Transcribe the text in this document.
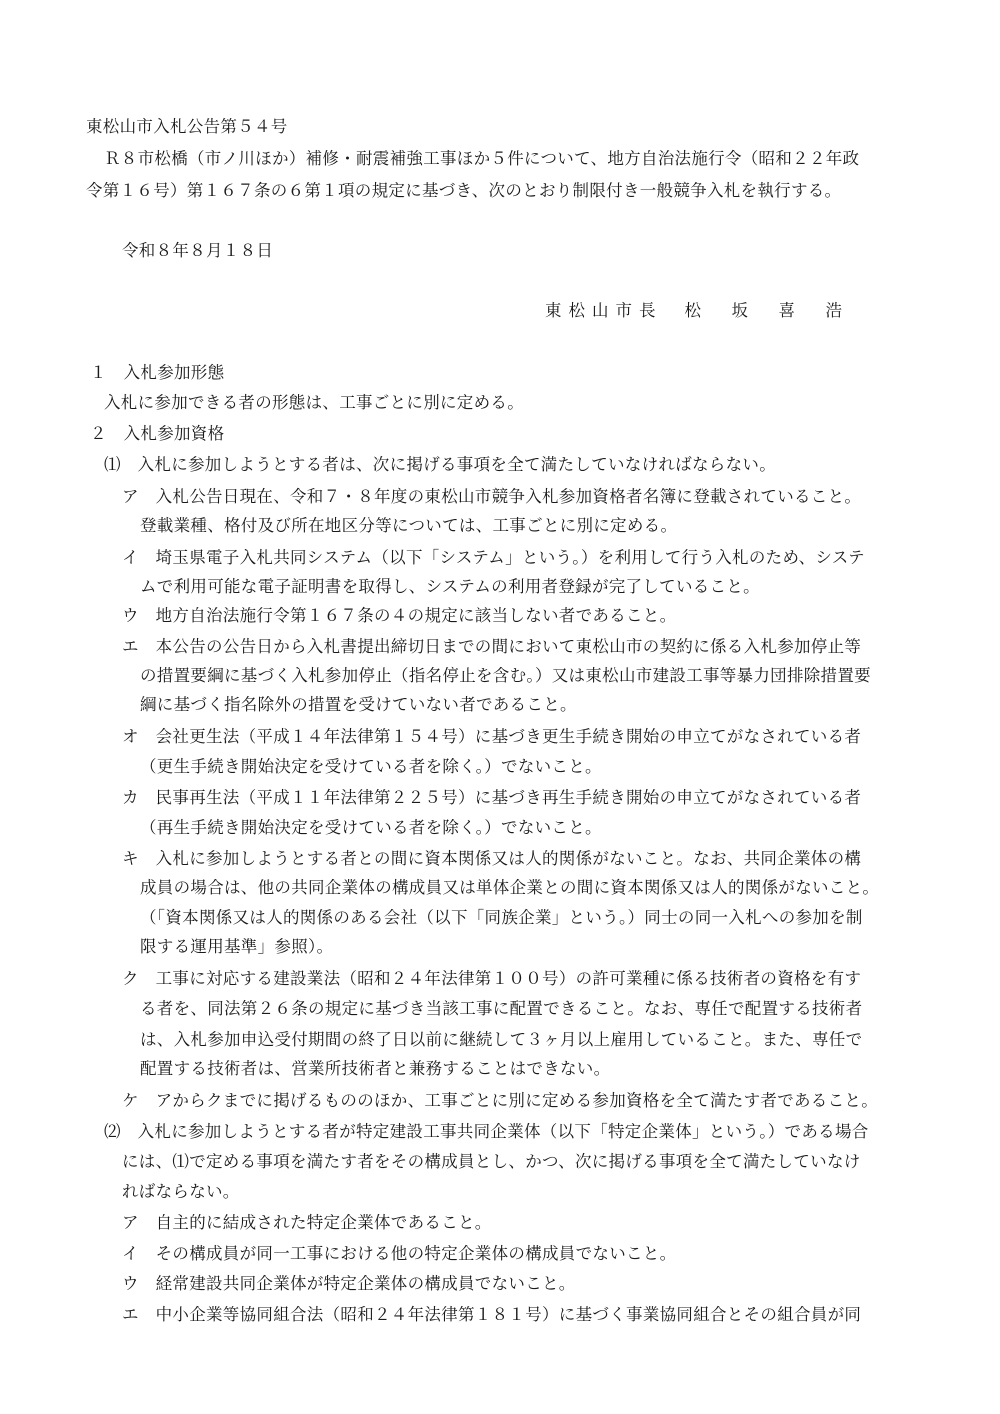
東松山市入札公告第５４号
Ｒ８市松橋（市ノ川ほか）補修・耐震補強工事ほか５件について、地方自治法施行令（昭和２２年政
令第１６号）第１６７条の６第１項の規定に基づき、次のとおり制限付き一般競争入札を執行する。
令和８年８月１８日
東松山市長 松　坂　喜　浩
１　入札参加形態
入札に参加できる者の形態は、工事ごとに別に定める。
２　入札参加資格
⑴　入札に参加しようとする者は、次に掲げる事項を全て満たしていなければならない。
ア　入札公告日現在、令和７・８年度の東松山市競争入札参加資格者名簿に登載されていること。
登載業種、格付及び所在地区分等については、工事ごとに別に定める。
イ　埼玉県電子入札共同システム（以下「システム」という。）を利用して行う入札のため、システ
ムで利用可能な電子証明書を取得し、システムの利用者登録が完了していること。
ウ　地方自治法施行令第１６７条の４の規定に該当しない者であること。
エ　本公告の公告日から入札書提出締切日までの間において東松山市の契約に係る入札参加停止等
の措置要綱に基づく入札参加停止（指名停止を含む。）又は東松山市建設工事等暴力団排除措置要
綱に基づく指名除外の措置を受けていない者であること。
オ　会社更生法（平成１４年法律第１５４号）に基づき更生手続き開始の申立てがなされている者
（更生手続き開始決定を受けている者を除く。）でないこと。
カ　民事再生法（平成１１年法律第２２５号）に基づき再生手続き開始の申立てがなされている者
（再生手続き開始決定を受けている者を除く。）でないこと。
キ　入札に参加しようとする者との間に資本関係又は人的関係がないこと。なお、共同企業体の構
成員の場合は、他の共同企業体の構成員又は単体企業との間に資本関係又は人的関係がないこと。
（「資本関係又は人的関係のある会社（以下「同族企業」という。）同士の同一入札への参加を制
限する運用基準」参照）。
ク　工事に対応する建設業法（昭和２４年法律第１００号）の許可業種に係る技術者の資格を有す
る者を、同法第２６条の規定に基づき当該工事に配置できること。なお、専任で配置する技術者
は、入札参加申込受付期間の終了日以前に継続して３ヶ月以上雇用していること。また、専任で
配置する技術者は、営業所技術者と兼務することはできない。
ケ　アからクまでに掲げるもののほか、工事ごとに別に定める参加資格を全て満たす者であること。
⑵　入札に参加しようとする者が特定建設工事共同企業体（以下「特定企業体」という。）である場合
には、⑴で定める事項を満たす者をその構成員とし、かつ、次に掲げる事項を全て満たしていなけ
ればならない。
ア　自主的に結成された特定企業体であること。
イ　その構成員が同一工事における他の特定企業体の構成員でないこと。
ウ　経常建設共同企業体が特定企業体の構成員でないこと。
エ　中小企業等協同組合法（昭和２４年法律第１８１号）に基づく事業協同組合とその組合員が同
